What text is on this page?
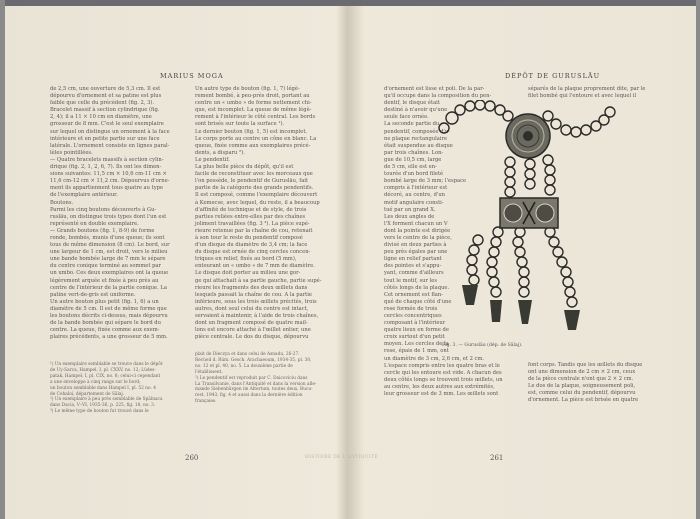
MARIUS MOGA

de 2,5 cm, une ouverture de 5,3 cm. Il est

dépourvu d'ornement et sa patine est plus

faible que celle du précédent (fig. 2, 3).

Bracelet massif à section cylindrique (fig.

2, 4); il a 11 × 10 cm en diamètre, une

grosseur de 8 mm. C'est le seul exemplaire

sur lequel on distingue un ornement à la face

intérieure et en petite partie sur une face

latérale. L'ornement consiste en lignes paral-

lèles pointillées.

— Quatre bracelets massifs à section cylin-

drique (fig. 2, 1, 2, 6, 7). Ils ont les dimen-

sions suivantes: 11,5 cm × 10,6 cm-11 cm ×

11,6 cm-12 cm × 11,2 cm. Dépourvus d'orne-

ment ils appartiennent tous quatre au type

de l'exemplaire antérieur.

Boutons.

Parmi les cinq boutons découverts à Gu-

rusläu, on distingue trois types dont l'un est

représenté en double exemplaire.

— Grands boutons (fig. 1, 8-9) de forme

ronde, bombés, munis d'une queue; ils sont

tous de même dimension (8 cm). Le bord, sur

une largeur de 1 cm, est droit, vers le milieu

une bande bombée large de 7 mm le sépare

du centre conique terminé au sommet par

un umbo. Ces deux exemplaires ont la queue

légèrement arquée et fixée à peu près au

centre de l'intérieur de la partie conique. La

patine vert-de-gris est uniforme.

Un autre bouton plus petit (fig. 1, 6) a un

diamètre de 5 cm. Il est de même forme que

les boutons décrits ci-dessus, mais dépourvu

de la bande bombée qui sépare le bord du

centre. La queue, fixée comme aux exem-

plaires précédents, a une grosseur de 5 mm.

¹) Un exemplaire semblable se trouve dans le dépôt

de Uy-Sarca, Hampel, I, pl. CXXV, no. 12; Lüdes-

patak, Hampel, I, pl. CIX, no. 8; celui-ci cependant

a une enveloppe à cinq rangs sur le bord;

un bouton semblable dans Hampel I, pl. 52 no. 4

de Cehaloi, département de Sălaj.

²) Un exemplaire à peu près semblable de Spälnaca

dans Dacia, V–VI, 1935-36, p. 225, fig. 18, no. 3.

³) Le même type de bouton fut trouvé dans le

Un autre type de bouton (fig. 1, 7) légè-

rement bombé, à peu-près droit, portant au

centre un « umbo » de forme nettement chi-

que, est incomplet. La queue de même légè-

rement à l'intérieur le côté central. Les bords

sont brisés sur toute la surface ¹).

Le dernier bouton (fig. 1, 5) est incomplet.

Le corps porte au centre un cône en blanc. La

queue, fixée comme aux exemplaires précé-

dents, a disparu ²).

Le pendentif.

La plus belle pièce du dépôt, qu'il est

facile de reconstituer avec les morceaux que

l'on possède, le pendentif de Gurusläu, fait

partie de la catégorie des grands pendentifs.

Il est composé, comme l'exemplaire découvert

à Kemecse, avec lequel, du reste, il a beaucoup

d'affinité de technique et de style, de trois

parties reliées entre-elles par des chaînes

joliment travaillées (fig. 3 ³). La pièce supé-

rieure retenue par la chaîne de cou, retenait

à son tour le reste du pendentif composé

d'un disque du diamètre de 3,4 cm; la face

du disque est ornée de cinq cercles concen-

triques en relief, fixés au bord (5 mm),

entourant un « umbo » de 7 mm de diamètre.

Le disque doit porter au milieu une gor-

ge qui attachait à sa partie gauche, partie supé-

rieure les fragments des deux œillets dans

lesquels passait la chaîne de cou. A la partie

inférieure, sous les trois œillets précités, trois

autres, dont seul celui du centre est intact,

servaient à maintenir, à l'aide de trois chaînes,

dont un fragment composé de quatre mail-

lons est encore attaché à l'œillet entier, une

pièce centrale. Le dos du disque, dépourvu

plait de Dieczya et dans celui de Asnadu, 26-27.

Recüeil d. Rüm. Gesch. Arachaeoum, 1934-35, pl. 30,

no. 12 et pl. 40, no. 5. La deuxième partie de

l'établissent.

²) Le pendentif est reproduit par C. Daicoviciu dans

La Transilvanie, dans l'Antiquité et dans la version alle-

mande Siebenbürgen im Altertum, toutes deux, Bucu-

rest, 1943, fig. 4 et aussi dans la dernière édition

française.

260
DÉPÔT DE GURUSLĂU

d'ornement est lisse et poli. De la par-

qu'il occupe dans la composition du pen-

dentif, le disque était

destiné à n'avoir qu'une

seule face ornée.

La seconde partie du

pendentif, composée d'u-

ne plaque rectangulaire

était suspendue au disque

par trois chaînes. Lon-

gue de 10,5 cm, large

de 5 cm, elle est en-

tourée d'un bord fileté

bombé large de 3 mm; l'espace

compris à l'intérieur est

décoré, au centre, d'un

motif angulaire consti-

tué par un grand X.

Les deux angles de

l'X forment chacun un V

dont la pointe est dirigée

vers le centre de la pièce,

divisé en deux parties à

peu près égales par une

ligne en relief partant

des pointes et s'appu-

yant, comme d'ailleurs

tout le motif, sur les

côtés longs de la plaque.

Cet ornement est flan-

qué de chaque côté d'une

rose formée de trois

cercles concentriques

composant à l'intérieur

quatre lieux en forme de

croix surtout d'un petit

moyen. Les cercles de la

rose, épais de 1 mm, ont

un diamètre de 3 cm, 2,6 cm, et 2 cm.

L'espace compris entre les quatre bras et le

cercle qui les entoure est vide. A chacun des

deux côtés longs se trouvent trois œillets, un

au centre, les deux autres aux extrémités,

leur grosseur est de 3 mm. Les œillets sont

séparés de la plaque proprement dite, par le

filet bombé qui l'entoure et avec lequel il

font corps. Tandis que les œillets du disque

ont une dimension de 2 cm × 2 cm, ceux

de la pièce centrale n'ont que 2 × 2 cm.

Le dos de la plaque, soigneusement poli,

est, comme celui du pendentif, dépourvu

d'ornement. La pièce est brisée en quatre

Fig. 3. — Gurusläu (dép. de Sălaj).
261
HISTOIRE DE L'ANTIQUITÉ
